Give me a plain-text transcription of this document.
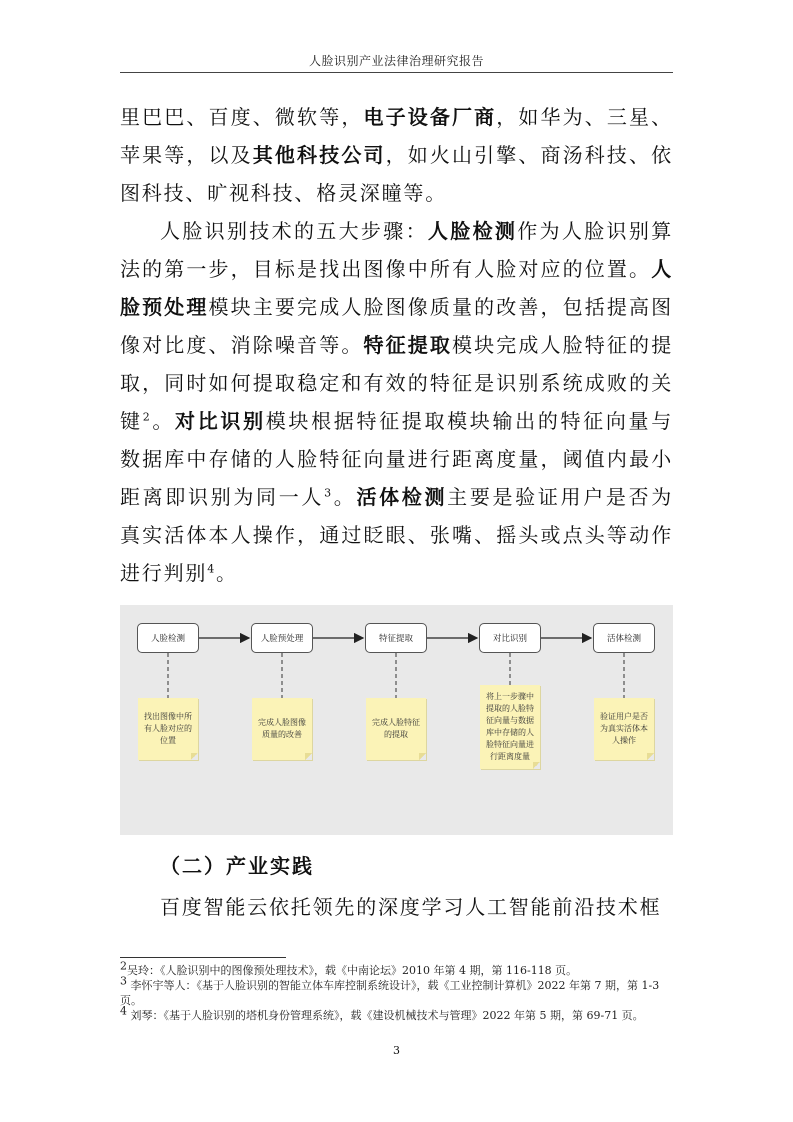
人脸识别产业法律治理研究报告

里巴巴、百度、微软等，电子设备厂商，如华为、三星、苹果等，以及其他科技公司，如火山引擎、商汤科技、依图科技、旷视科技、格灵深瞳等。

人脸识别技术的五大步骤：人脸检测作为人脸识别算法的第一步，目标是找出图像中所有人脸对应的位置。人脸预处理模块主要完成人脸图像质量的改善，包括提高图像对比度、消除噪音等。特征提取模块完成人脸特征的提取，同时如何提取稳定和有效的特征是识别系统成败的关键$^2$。对比识别模块根据特征提取模块输出的特征向量与数据库中存储的人脸特征向量进行距离度量，阈值内最小距离即识别为同一人$^3$。活体检测主要是验证用户是否为真实活体本人操作，通过眨眼、张嘴、摇头或点头等动作进行判别$^4$。

人脸检测	人脸预处理	特征提取	对比识别	活体检测
找出图像中所有人脸对应的位置
完成人脸图像质量的改善
完成人脸特征的提取
将上一步骤中提取的人脸特征向量与数据库中存储的人脸特征向量进行距离度量
验证用户是否为真实活体本人操作
（二）产业实践
百度智能云依托领先的深度学习人工智能前沿技术框
$^2$吴玲：《人脸识别中的图像预处理技术》，载《中南论坛》2010 年第 4 期，第 116-118 页。
$^3$ 李怀宇等人：《基于人脸识别的智能立体车库控制系统设计》，载《工业控制计算机》2022 年第 7 期，第 1-3 页。
$^4$ 刘琴：《基于人脸识别的塔机身份管理系统》，载《建设机械技术与管理》2022 年第 5 期，第 69-71 页。
3
